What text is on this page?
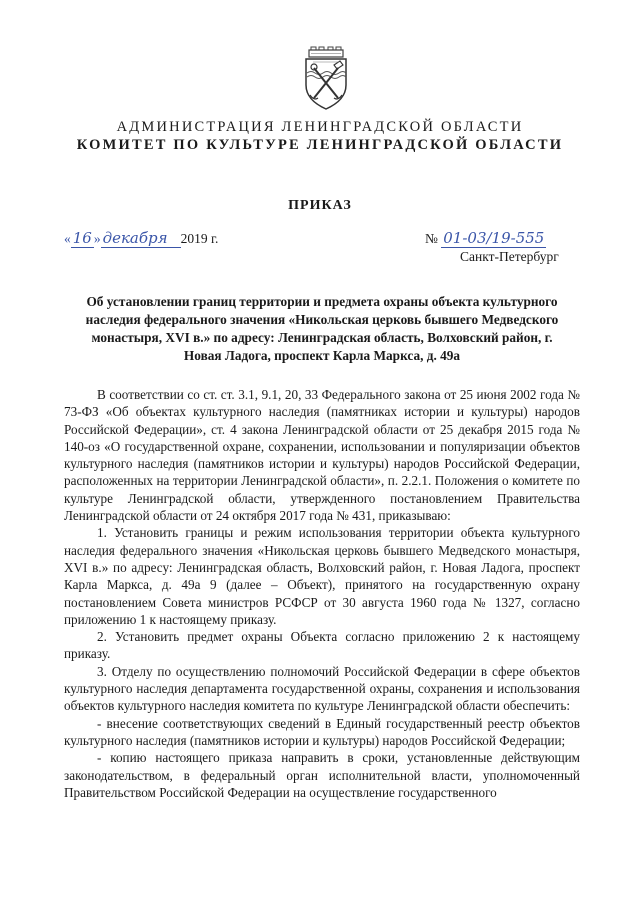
АДМИНИСТРАЦИЯ ЛЕНИНГРАДСКОЙ ОБЛАСТИ
КОМИТЕТ ПО КУЛЬТУРЕ ЛЕНИНГРАДСКОЙ ОБЛАСТИ
ПРИКАЗ
« 16 » декабря 2019 г.	№ 01-03/19-555
Санкт-Петербург
Об установлении границ территории и предмета охраны объекта культурного наследия федерального значения «Никольская церковь бывшего Медведского монастыря, XVI в.» по адресу: Ленинградская область, Волховский район, г. Новая Ладога, проспект Карла Маркса, д. 49а

В соответствии со ст. ст. 3.1, 9.1, 20, 33 Федерального закона от 25 июня 2002 года № 73-ФЗ «Об объектах культурного наследия (памятниках истории и культуры) народов Российской Федерации», ст. 4 закона Ленинградской области от 25 декабря 2015 года № 140-оз «О государственной охране, сохранении, использовании и популяризации объектов культурного наследия (памятников истории и культуры) народов Российской Федерации, расположенных на территории Ленинградской области», п. 2.2.1. Положения о комитете по культуре Ленинградской области, утвержденного постановлением Правительства Ленинградской области от 24 октября 2017 года № 431, приказываю:

1. Установить границы и режим использования территории объекта культурного наследия федерального значения «Никольская церковь бывшего Медведского монастыря, XVI в.» по адресу: Ленинградская область, Волховский район, г. Новая Ладога, проспект Карла Маркса, д. 49а 9 (далее – Объект), принятого на государственную охрану постановлением Совета министров РСФСР от 30 августа 1960 года № 1327, согласно приложению 1 к настоящему приказу.

2. Установить предмет охраны Объекта согласно приложению 2 к настоящему приказу.

3. Отделу по осуществлению полномочий Российской Федерации в сфере объектов культурного наследия департамента государственной охраны, сохранения и использования объектов культурного наследия комитета по культуре Ленинградской области обеспечить:

- внесение соответствующих сведений в Единый государственный реестр объектов культурного наследия (памятников истории и культуры) народов Российской Федерации;

- копию настоящего приказа направить в сроки, установленные действующим законодательством, в федеральный орган исполнительной власти, уполномоченный Правительством Российской Федерации на осуществление государственного
